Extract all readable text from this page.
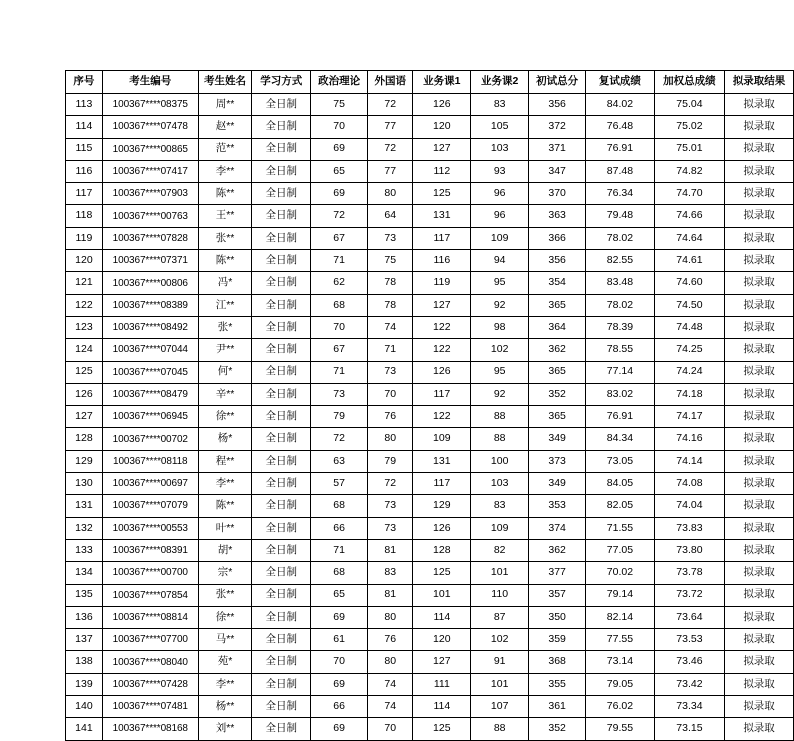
序号	考生编号	考生姓名	学习方式	政治理论	外国语	业务课1	业务课2	初试总分	复试成绩	加权总成绩	拟录取结果
113	100367****08375	周**	全日制	75	72	126	83	356	84.02	75.04	拟录取
114	100367****07478	赵**	全日制	70	77	120	105	372	76.48	75.02	拟录取
115	100367****00865	范**	全日制	69	72	127	103	371	76.91	75.01	拟录取
116	100367****07417	李**	全日制	65	77	112	93	347	87.48	74.82	拟录取
117	100367****07903	陈**	全日制	69	80	125	96	370	76.34	74.70	拟录取
118	100367****00763	王**	全日制	72	64	131	96	363	79.48	74.66	拟录取
119	100367****07828	张**	全日制	67	73	117	109	366	78.02	74.64	拟录取
120	100367****07371	陈**	全日制	71	75	116	94	356	82.55	74.61	拟录取
121	100367****00806	冯*	全日制	62	78	119	95	354	83.48	74.60	拟录取
122	100367****08389	江**	全日制	68	78	127	92	365	78.02	74.50	拟录取
123	100367****08492	张*	全日制	70	74	122	98	364	78.39	74.48	拟录取
124	100367****07044	尹**	全日制	67	71	122	102	362	78.55	74.25	拟录取
125	100367****07045	何*	全日制	71	73	126	95	365	77.14	74.24	拟录取
126	100367****08479	辛**	全日制	73	70	117	92	352	83.02	74.18	拟录取
127	100367****06945	徐**	全日制	79	76	122	88	365	76.91	74.17	拟录取
128	100367****00702	杨*	全日制	72	80	109	88	349	84.34	74.16	拟录取
129	100367****08118	程**	全日制	63	79	131	100	373	73.05	74.14	拟录取
130	100367****00697	李**	全日制	57	72	117	103	349	84.05	74.08	拟录取
131	100367****07079	陈**	全日制	68	73	129	83	353	82.05	74.04	拟录取
132	100367****00553	叶**	全日制	66	73	126	109	374	71.55	73.83	拟录取
133	100367****08391	胡*	全日制	71	81	128	82	362	77.05	73.80	拟录取
134	100367****00700	宗*	全日制	68	83	125	101	377	70.02	73.78	拟录取
135	100367****07854	张**	全日制	65	81	101	110	357	79.14	73.72	拟录取
136	100367****08814	徐**	全日制	69	80	114	87	350	82.14	73.64	拟录取
137	100367****07700	马**	全日制	61	76	120	102	359	77.55	73.53	拟录取
138	100367****08040	苑*	全日制	70	80	127	91	368	73.14	73.46	拟录取
139	100367****07428	李**	全日制	69	74	111	101	355	79.05	73.42	拟录取
140	100367****07481	杨**	全日制	66	74	114	107	361	76.02	73.34	拟录取
141	100367****08168	刘**	全日制	69	70	125	88	352	79.55	73.15	拟录取
